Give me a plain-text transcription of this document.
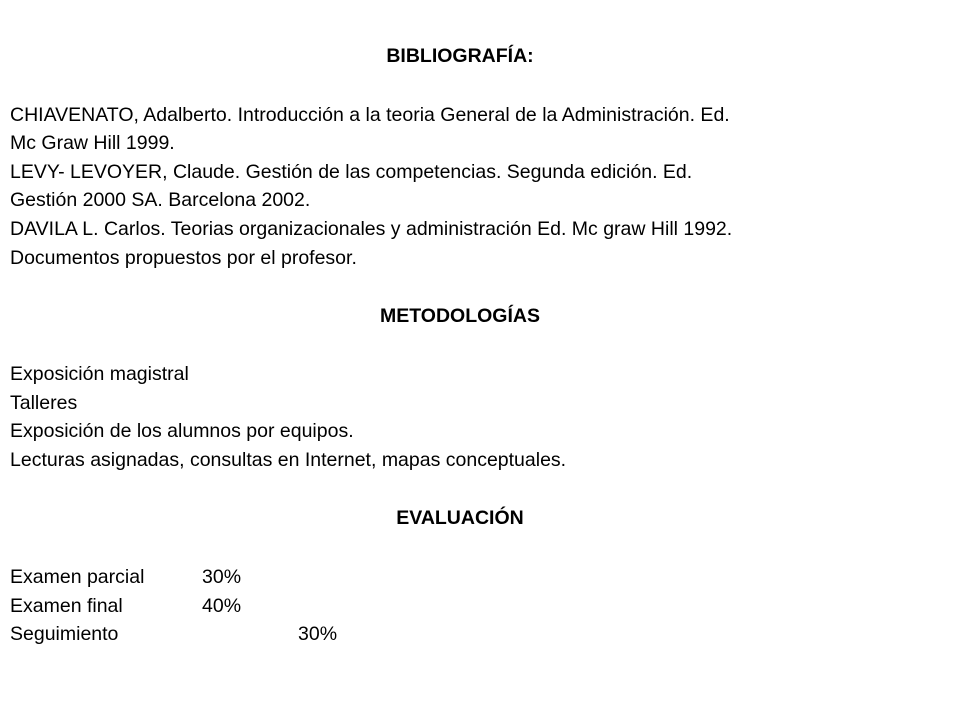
BIBLIOGRAFÍA:
CHIAVENATO, Adalberto. Introducción a la teoria General de la Administración. Ed.
Mc Graw Hill 1999.
LEVY- LEVOYER, Claude. Gestión de las competencias. Segunda edición. Ed.
Gestión 2000 SA. Barcelona 2002.
DAVILA L. Carlos. Teorias organizacionales y administración Ed. Mc graw Hill 1992.
Documentos propuestos por el profesor.
METODOLOGÍAS
Exposición magistral
Talleres
Exposición de los alumnos por equipos.
Lecturas asignadas, consultas en Internet, mapas conceptuales.
EVALUACIÓN
Examen parcial	30%
Examen final	40%
Seguimiento	30%
